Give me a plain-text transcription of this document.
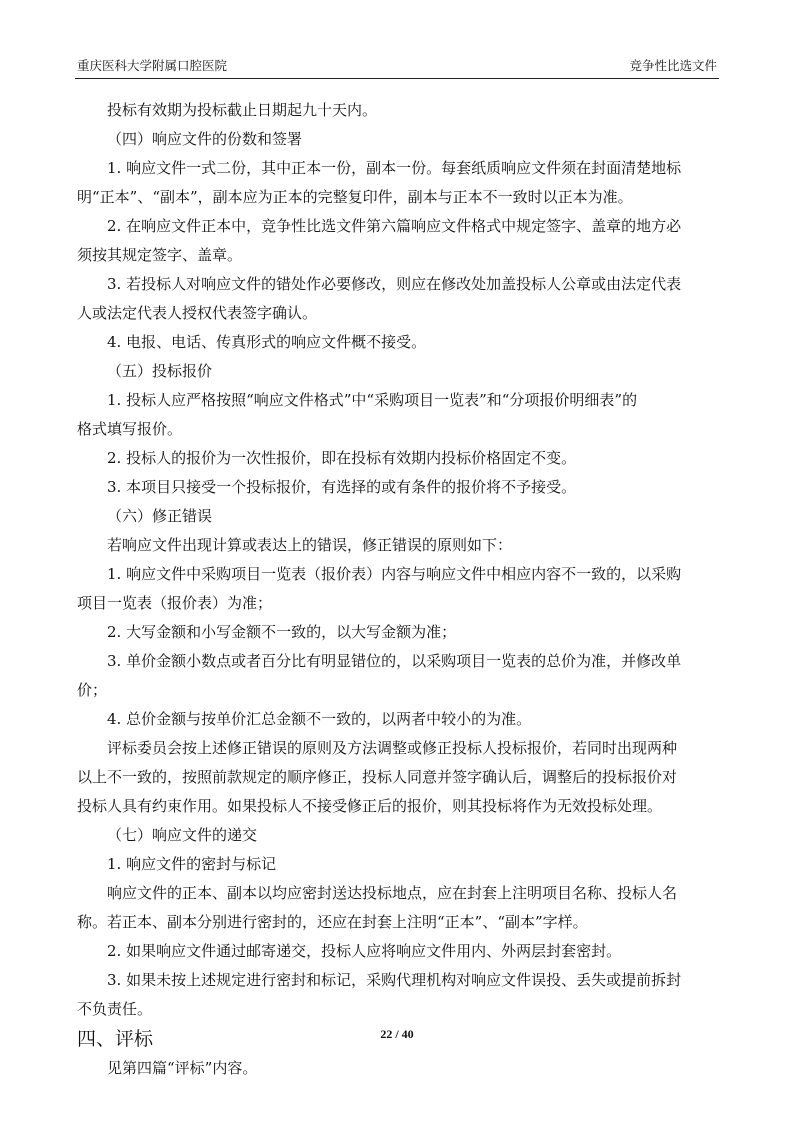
重庆医科大学附属口腔医院	竞争性比选文件
投标有效期为投标截止日期起九十天内。
（四）响应文件的份数和签署
1. 响应文件一式二份，其中正本一份，副本一份。每套纸质响应文件须在封面清楚地标
明“正本”、“副本”，副本应为正本的完整复印件，副本与正本不一致时以正本为准。
2. 在响应文件正本中，竞争性比选文件第六篇响应文件格式中规定签字、盖章的地方必
须按其规定签字、盖章。
3. 若投标人对响应文件的错处作必要修改，则应在修改处加盖投标人公章或由法定代表
人或法定代表人授权代表签字确认。
4. 电报、电话、传真形式的响应文件概不接受。
（五）投标报价
1. 投标人应严格按照“响应文件格式”中“采购项目一览表”和“分项报价明细表”的
格式填写报价。
2. 投标人的报价为一次性报价，即在投标有效期内投标价格固定不变。
3. 本项目只接受一个投标报价，有选择的或有条件的报价将不予接受。
（六）修正错误
若响应文件出现计算或表达上的错误，修正错误的原则如下：
1. 响应文件中采购项目一览表（报价表）内容与响应文件中相应内容不一致的，以采购
项目一览表（报价表）为准；
2. 大写金额和小写金额不一致的，以大写金额为准；
3. 单价金额小数点或者百分比有明显错位的，以采购项目一览表的总价为准，并修改单
价；
4. 总价金额与按单价汇总金额不一致的，以两者中较小的为准。
评标委员会按上述修正错误的原则及方法调整或修正投标人投标报价，若同时出现两种
以上不一致的，按照前款规定的顺序修正，投标人同意并签字确认后，调整后的投标报价对
投标人具有约束作用。如果投标人不接受修正后的报价，则其投标将作为无效投标处理。
（七）响应文件的递交
1. 响应文件的密封与标记
响应文件的正本、副本以均应密封送达投标地点，应在封套上注明项目名称、投标人名
称。若正本、副本分别进行密封的，还应在封套上注明“正本”、“副本”字样。
2. 如果响应文件通过邮寄递交，投标人应将响应文件用内、外两层封套密封。
3. 如果未按上述规定进行密封和标记，采购代理机构对响应文件误投、丢失或提前拆封
不负责任。
四、评标
见第四篇“评标”内容。
22 / 40
